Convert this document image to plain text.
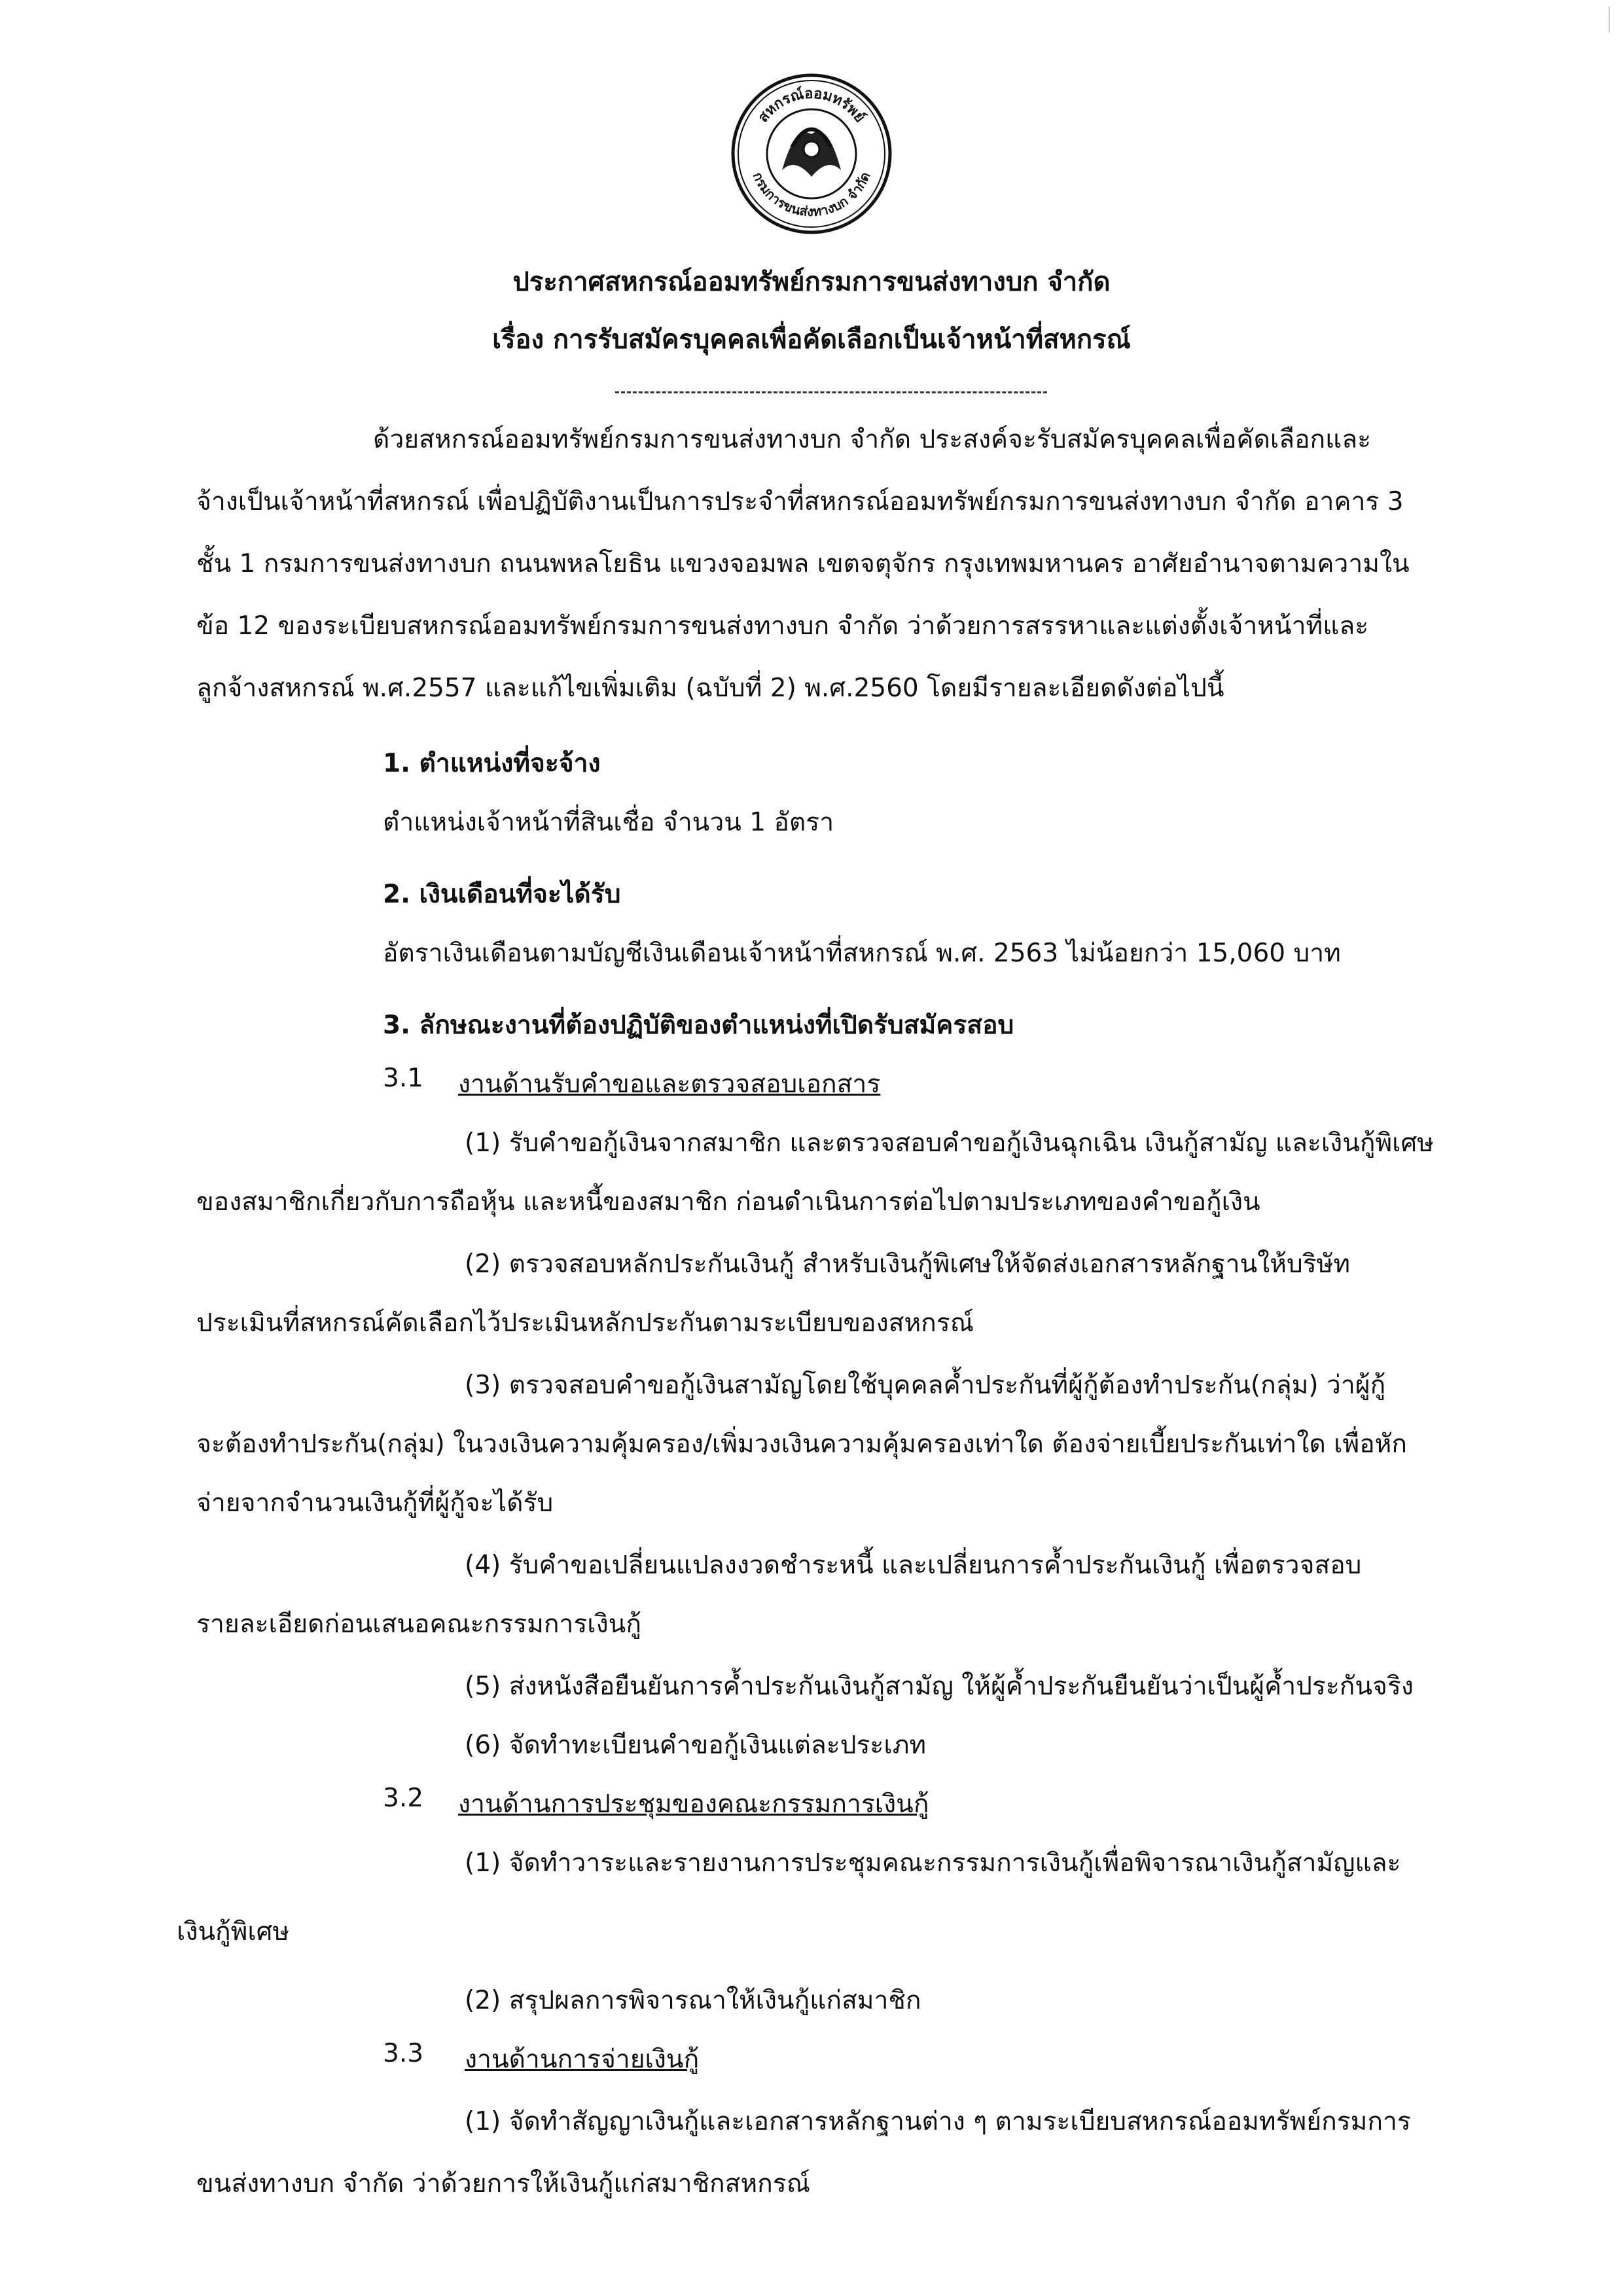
สหกรณ์ออมทรัพย์
กรมการขนส่งทางบก จำกัด
ประกาศสหกรณ์ออมทรัพย์กรมการขนส่งทางบก จำกัด
เรื่อง การรับสมัครบุคคลเพื่อคัดเลือกเป็นเจ้าหน้าที่สหกรณ์
ด้วยสหกรณ์ออมทรัพย์กรมการขนส่งทางบก จำกัด ประสงค์จะรับสมัครบุคคลเพื่อคัดเลือกและ
จ้างเป็นเจ้าหน้าที่สหกรณ์ เพื่อปฏิบัติงานเป็นการประจำที่สหกรณ์ออมทรัพย์กรมการขนส่งทางบก จำกัด อาคาร 3
ชั้น 1 กรมการขนส่งทางบก ถนนพหลโยธิน แขวงจอมพล เขตจตุจักร กรุงเทพมหานคร อาศัยอำนาจตามความใน
ข้อ 12 ของระเบียบสหกรณ์ออมทรัพย์กรมการขนส่งทางบก จำกัด ว่าด้วยการสรรหาและแต่งตั้งเจ้าหน้าที่และ
ลูกจ้างสหกรณ์ พ.ศ.2557 และแก้ไขเพิ่มเติม (ฉบับที่ 2) พ.ศ.2560 โดยมีรายละเอียดดังต่อไปนี้
1. ตำแหน่งที่จะจ้าง
ตำแหน่งเจ้าหน้าที่สินเชื่อ จำนวน 1 อัตรา
2. เงินเดือนที่จะได้รับ
อัตราเงินเดือนตามบัญชีเงินเดือนเจ้าหน้าที่สหกรณ์ พ.ศ. 2563 ไม่น้อยกว่า 15,060 บาท
3. ลักษณะงานที่ต้องปฏิบัติของตำแหน่งที่เปิดรับสมัครสอบ
3.1 งานด้านรับคำขอและตรวจสอบเอกสาร
(1) รับคำขอกู้เงินจากสมาชิก และตรวจสอบคำขอกู้เงินฉุกเฉิน เงินกู้สามัญ และเงินกู้พิเศษ
ของสมาชิกเกี่ยวกับการถือหุ้น และหนี้ของสมาชิก ก่อนดำเนินการต่อไปตามประเภทของคำขอกู้เงิน
(2) ตรวจสอบหลักประกันเงินกู้ สำหรับเงินกู้พิเศษให้จัดส่งเอกสารหลักฐานให้บริษัท
ประเมินที่สหกรณ์คัดเลือกไว้ประเมินหลักประกันตามระเบียบของสหกรณ์
(3) ตรวจสอบคำขอกู้เงินสามัญโดยใช้บุคคลค้ำประกันที่ผู้กู้ต้องทำประกัน(กลุ่ม) ว่าผู้กู้
จะต้องทำประกัน(กลุ่ม) ในวงเงินความคุ้มครอง/เพิ่มวงเงินความคุ้มครองเท่าใด ต้องจ่ายเบี้ยประกันเท่าใด เพื่อหัก
จ่ายจากจำนวนเงินกู้ที่ผู้กู้จะได้รับ
(4) รับคำขอเปลี่ยนแปลงงวดชำระหนี้ และเปลี่ยนการค้ำประกันเงินกู้ เพื่อตรวจสอบ
รายละเอียดก่อนเสนอคณะกรรมการเงินกู้
(5) ส่งหนังสือยืนยันการค้ำประกันเงินกู้สามัญ ให้ผู้ค้ำประกันยืนยันว่าเป็นผู้ค้ำประกันจริง
(6) จัดทำทะเบียนคำขอกู้เงินแต่ละประเภท
3.2 งานด้านการประชุมของคณะกรรมการเงินกู้
(1) จัดทำวาระและรายงานการประชุมคณะกรรมการเงินกู้เพื่อพิจารณาเงินกู้สามัญและ
เงินกู้พิเศษ
(2) สรุปผลการพิจารณาให้เงินกู้แก่สมาชิก
3.3 งานด้านการจ่ายเงินกู้
(1) จัดทำสัญญาเงินกู้และเอกสารหลักฐานต่าง ๆ ตามระเบียบสหกรณ์ออมทรัพย์กรมการ
ขนส่งทางบก จำกัด ว่าด้วยการให้เงินกู้แก่สมาชิกสหกรณ์
